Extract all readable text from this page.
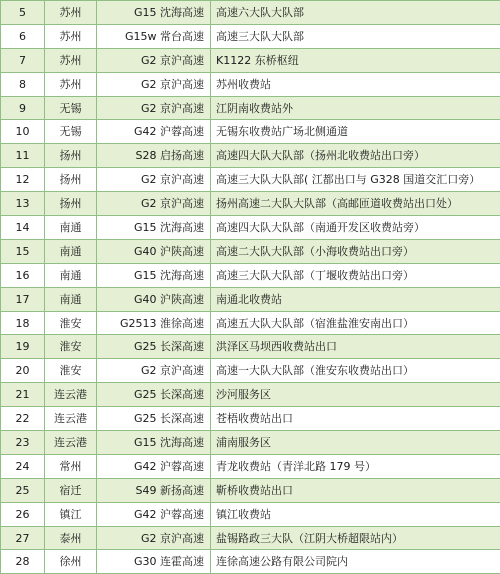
5	苏州	G15 沈海高速	高速六大队大队部
6	苏州	G15w 常台高速	高速三大队大队部
7	苏州	G2 京沪高速	K1122 东桥枢纽
8	苏州	G2 京沪高速	苏州收费站
9	无锡	G2 京沪高速	江阴南收费站外
10	无锡	G42 沪蓉高速	无锡东收费站广场北侧通道
11	扬州	S28 启扬高速	高速四大队大队部（扬州北收费站出口旁）
12	扬州	G2 京沪高速	高速三大队大队部( 江都出口与 G328 国道交汇口旁）
13	扬州	G2 京沪高速	扬州高速二大队大队部（高邮匝道收费站出口处）
14	南通	G15 沈海高速	高速四大队大队部（南通开发区收费站旁）
15	南通	G40 沪陕高速	高速二大队大队部（小海收费站出口旁）
16	南通	G15 沈海高速	高速三大队大队部（丁堰收费站出口旁）
17	南通	G40 沪陕高速	南通北收费站
18	淮安	G2513 淮徐高速	高速五大队大队部（宿淮盐淮安南出口）
19	淮安	G25 长深高速	洪泽区马坝西收费站出口
20	淮安	G2 京沪高速	高速一大队大队部（淮安东收费站出口）
21	连云港	G25 长深高速	沙河服务区
22	连云港	G25 长深高速	苍梧收费站出口
23	连云港	G15 沈海高速	浦南服务区
24	常州	G42 沪蓉高速	青龙收费站（青洋北路 179 号）
25	宿迁	S49 新扬高速	靳桥收费站出口
26	镇江	G42 沪蓉高速	镇江收费站
27	泰州	G2 京沪高速	盐锡路政三大队（江阴大桥超限站内）
28	徐州	G30 连霍高速	连徐高速公路有限公司院内
